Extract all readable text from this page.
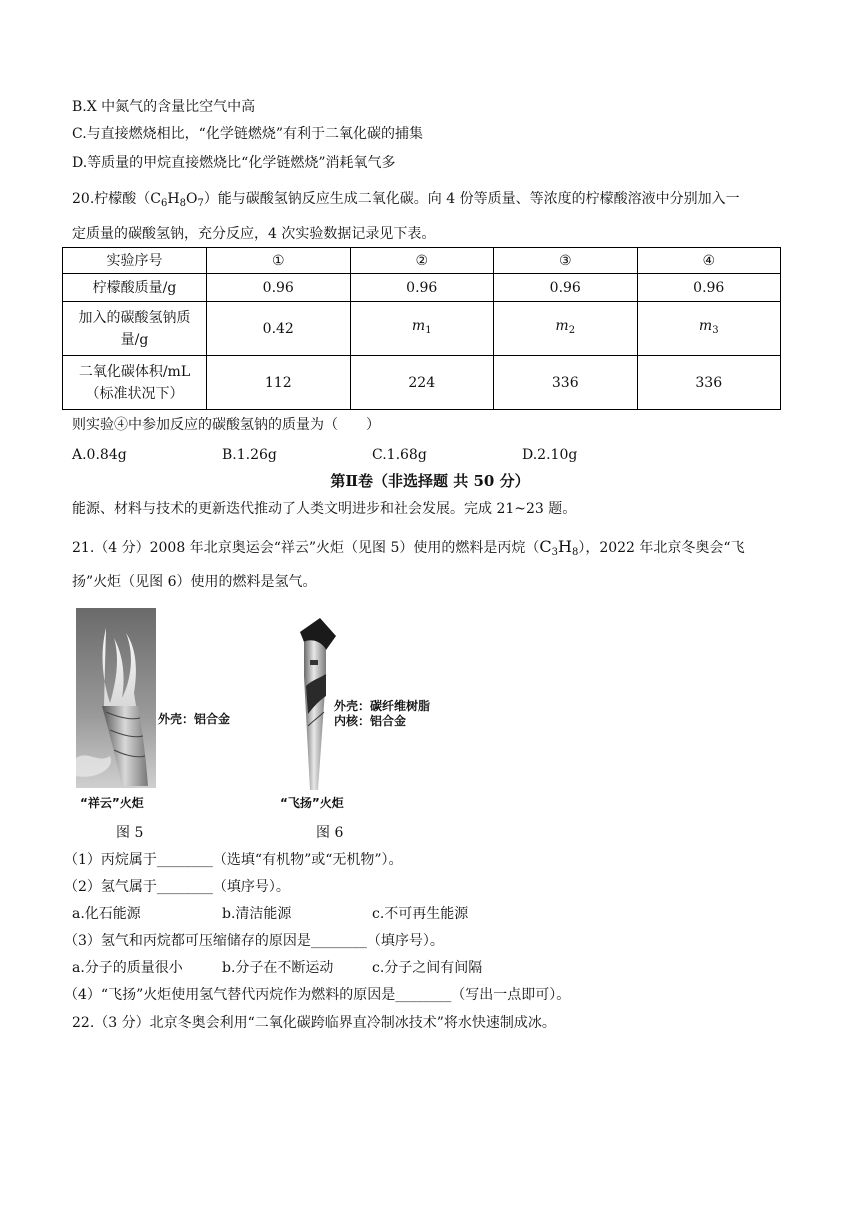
B.X 中氮气的含量比空气中高
C.与直接燃烧相比，“化学链燃烧”有利于二氧化碳的捕集
D.等质量的甲烷直接燃烧比“化学链燃烧”消耗氧气多
20.柠檬酸$(C_6H_8O_7)$能与碳酸氢钠反应生成二氧化碳。向 4 份等质量、等浓度的柠檬酸溶液中分别加入一
定质量的碳酸氢钠，充分反应，4 次实验数据记录见下表。
实验序号	①	②	③	④
柠檬酸质量/g	0.96	0.96	0.96	0.96

加入的碳酸氢钠质
量/g	0.42	$m_1$	$m_2$	$m_3$

二氧化碳体积/mL
（标准状况下）	112	224	336	336
则实验④中参加反应的碳酸氢钠的质量为（　　）
A.0.84g	B.1.26g	C.1.68g	D.2.10g
第Ⅱ卷（非选择题 共 50 分）
能源、材料与技术的更新迭代推动了人类文明进步和社会发展。完成 21~23 题。
21.（4 分）2008 年北京奥运会“祥云”火炬（见图 5）使用的燃料是丙烷$(C_3H_8)$，2022 年北京冬奥会“飞
扬”火炬（见图 6）使用的燃料是氢气。
外壳：铝合金
“祥云”火炬
外壳：碳纤维树脂
内核：铝合金
“飞扬”火炬
图 5	图 6
（1）丙烷属于________（选填“有机物”或“无机物”）。
（2）氢气属于________（填序号）。
a.化石能源	b.清洁能源	c.不可再生能源
（3）氢气和丙烷都可压缩储存的原因是________（填序号）。
a.分子的质量很小	b.分子在不断运动	c.分子之间有间隔
（4）“飞扬”火炬使用氢气替代丙烷作为燃料的原因是________（写出一点即可）。
22.（3 分）北京冬奥会利用“二氧化碳跨临界直冷制冰技术”将水快速制成冰。
